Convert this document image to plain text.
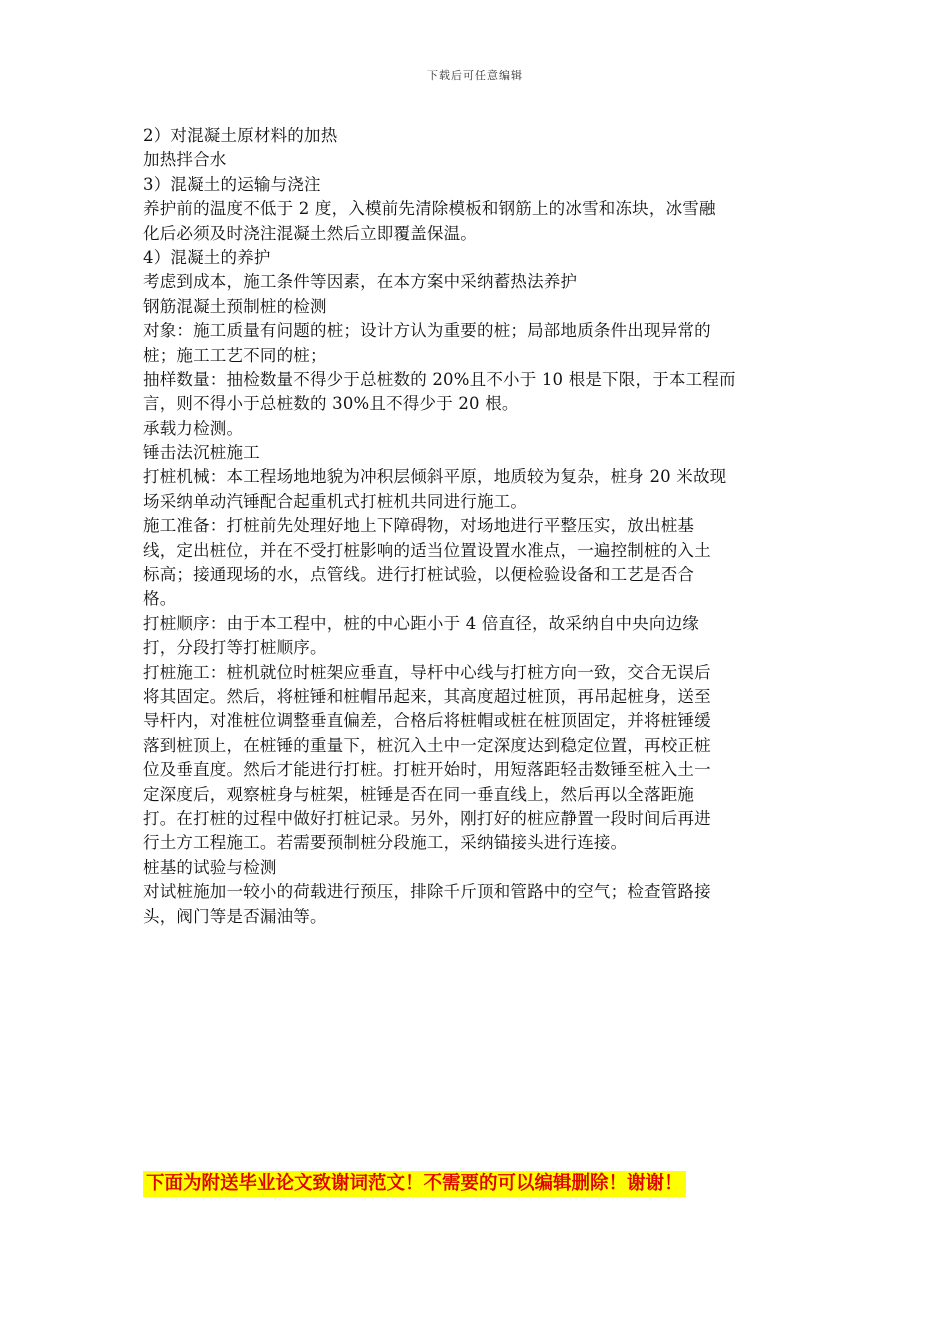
下载后可任意编辑
2）对混凝土原材料的加热
加热拌合水
3）混凝土的运输与浇注
养护前的温度不低于 2 度，入模前先清除模板和钢筋上的冰雪和冻块，冰雪融
化后必须及时浇注混凝土然后立即覆盖保温。
4）混凝土的养护
考虑到成本，施工条件等因素，在本方案中采纳蓄热法养护
钢筋混凝土预制桩的检测
对象：施工质量有问题的桩；设计方认为重要的桩；局部地质条件出现异常的
桩；施工工艺不同的桩；
抽样数量：抽检数量不得少于总桩数的 20%且不小于 10 根是下限，于本工程而
言，则不得小于总桩数的 30%且不得少于 20 根。
承载力检测。
锤击法沉桩施工
打桩机械：本工程场地地貌为冲积层倾斜平原，地质较为复杂，桩身 20 米故现
场采纳单动汽锤配合起重机式打桩机共同进行施工。
施工准备：打桩前先处理好地上下障碍物，对场地进行平整压实，放出桩基
线，定出桩位，并在不受打桩影响的适当位置设置水准点，一遍控制桩的入土
标高；接通现场的水，点管线。进行打桩试验，以便检验设备和工艺是否合
格。
打桩顺序：由于本工程中，桩的中心距小于 4 倍直径，故采纳自中央向边缘
打，分段打等打桩顺序。
打桩施工：桩机就位时桩架应垂直，导杆中心线与打桩方向一致，交合无误后
将其固定。然后，将桩锤和桩帽吊起来，其高度超过桩顶，再吊起桩身，送至
导杆内，对准桩位调整垂直偏差，合格后将桩帽或桩在桩顶固定，并将桩锤缓
落到桩顶上，在桩锤的重量下，桩沉入土中一定深度达到稳定位置，再校正桩
位及垂直度。然后才能进行打桩。打桩开始时，用短落距轻击数锤至桩入土一
定深度后，观察桩身与桩架，桩锤是否在同一垂直线上，然后再以全落距施
打。在打桩的过程中做好打桩记录。另外，刚打好的桩应静置一段时间后再进
行土方工程施工。若需要预制桩分段施工，采纳锚接头进行连接。
桩基的试验与检测
对试桩施加一较小的荷载进行预压，排除千斤顶和管路中的空气；检查管路接
头，阀门等是否漏油等。
下面为附送毕业论文致谢词范文！不需要的可以编辑删除！谢谢！
